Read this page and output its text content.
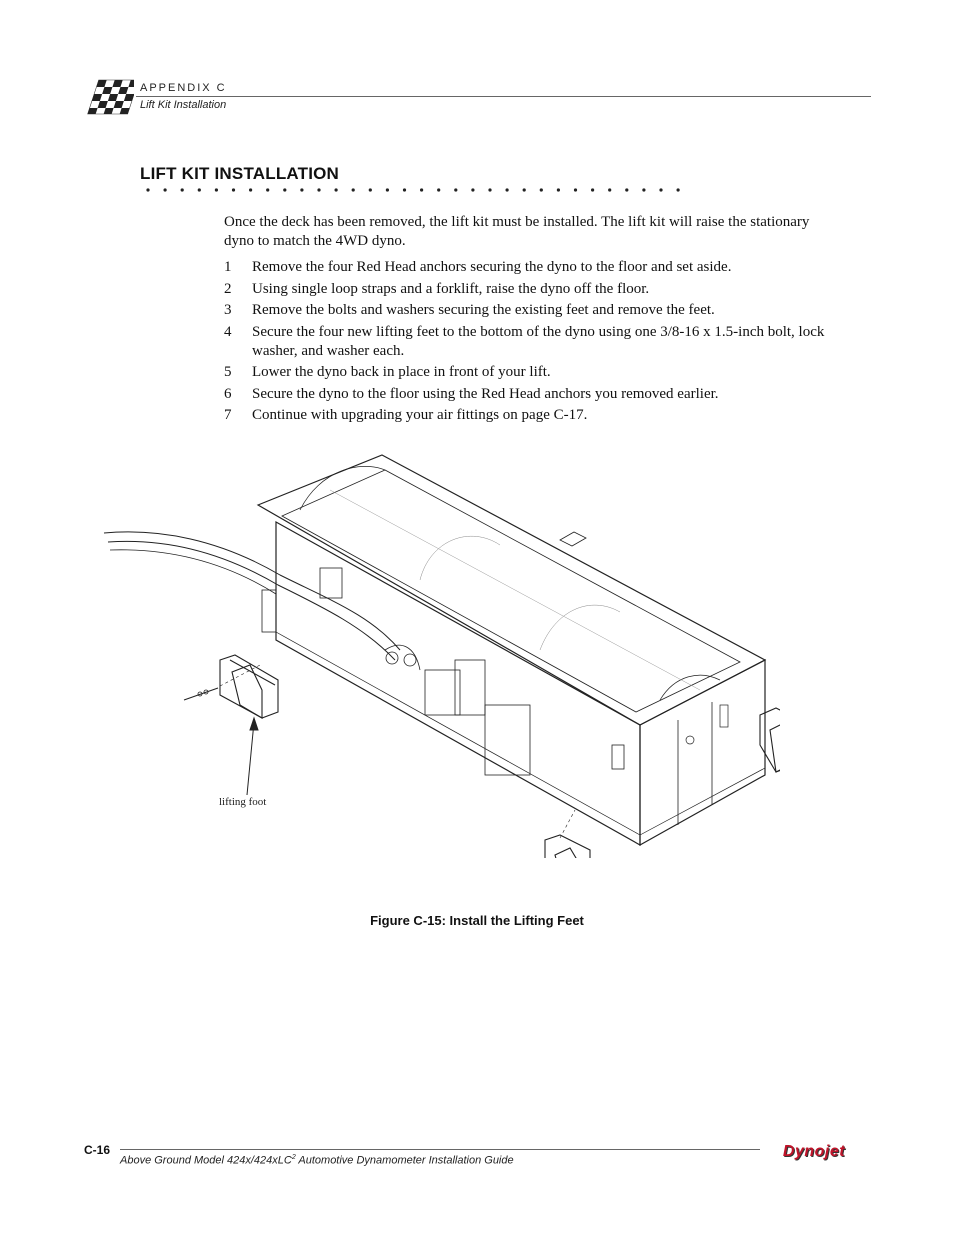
APPENDIX C
Lift Kit Installation
LIFT KIT INSTALLATION
Once the deck has been removed, the lift kit must be installed. The lift kit will raise the stationary dyno to match the 4WD dyno.
1 Remove the four Red Head anchors securing the dyno to the floor and set aside.
2 Using single loop straps and a forklift, raise the dyno off the floor.
3 Remove the bolts and washers securing the existing feet and remove the feet.
4 Secure the four new lifting feet to the bottom of the dyno using one 3/8-16 x 1.5-inch bolt, lock washer, and washer each.
5 Lower the dyno back in place in front of your lift.
6 Secure the dyno to the floor using the Red Head anchors you removed earlier.
7 Continue with upgrading your air fittings on page C-17.
lifting foot
Figure C-15: Install the Lifting Feet
C-16
Above Ground Model 424x/424xLC$^2$ Automotive Dynamometer Installation Guide
Dynojet
